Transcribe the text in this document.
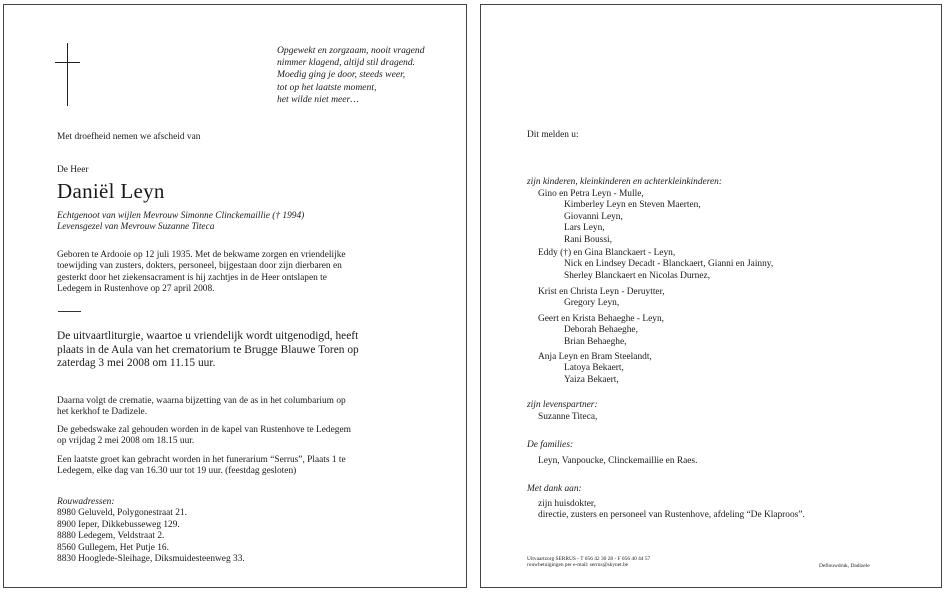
Opgewekt en zorgzaam, nooit vragend
nimmer klagend, altijd stil dragend.
Moedig ging je door, steeds weer,
tot op het laatste moment,
het wilde niet meer…
Met droefheid nemen we afscheid van
De Heer
Daniël Leyn
Echtgenoot van wijlen Mevrouw Simonne Clinckemaillie († 1994)
Levensgezel van Mevrouw Suzanne Titeca
Geboren te Ardooie op 12 juli 1935. Met de bekwame zorgen en vriendelijke
toewijding van zusters, dokters, personeel, bijgestaan door zijn dierbaren en
gesterkt door het ziekensacrament is hij zachtjes in de Heer ontslapen te
Ledegem in Rustenhove op 27 april 2008.
De uitvaartliturgie, waartoe u vriendelijk wordt uitgenodigd, heeft
plaats in de Aula van het crematorium te Brugge Blauwe Toren op
zaterdag 3 mei 2008 om 11.15 uur.
Daarna volgt de crematie, waarna bijzetting van de as in het columbarium op
het kerkhof te Dadizele.
De gebedswake zal gehouden worden in de kapel van Rustenhove te Ledegem
op vrijdag 2 mei 2008 om 18.15 uur.
Een laatste groet kan gebracht worden in het funerarium “Serrus”, Plaats 1 te
Ledegem, elke dag van 16.30 uur tot 19 uur. (feestdag gesloten)
Rouwadressen:
8980 Geluveld, Polygonestraat 21.
8900 Ieper, Dikkebusseweg 129.
8880 Ledegem, Veldstraat 2.
8560 Gullegem, Het Putje 16.
8830 Hooglede-Sleihage, Diksmuidesteenweg 33.
Dit melden u:
zijn kinderen, kleinkinderen en achterkleinkinderen:
Gino en Petra Leyn - Mulle,
Kimberley Leyn en Steven Maerten,
Giovanni Leyn,
Lars Leyn,
Rani Boussi,
Eddy (†) en Gina Blanckaert - Leyn,
Nick en Lindsey Decadt - Blanckaert, Gianni en Jainny,
Sherley Blanckaert en Nicolas Durnez,
Krist en Christa Leyn - Deruytter,
Gregory Leyn,
Geert en Krista Behaeghe - Leyn,
Deborah Behaeghe,
Brian Behaeghe,
Anja Leyn en Bram Steelandt,
Latoya Bekaert,
Yaiza Bekaert,
zijn levenspartner:
Suzanne Titeca,
De families:
Leyn, Vanpoucke, Clinckemaillie en Raes.
Met dank aan:
zijn huisdokter,
directie, zusters en personeel van Rustenhove, afdeling “De Klaproos”.
Uitvaartzorg SERRUS - T 056 42 30 28 - F 056 40 44 57
rouwbetuigingen per e-mail: serrus@skynet.be	Deflouwdruk, Dadizele
